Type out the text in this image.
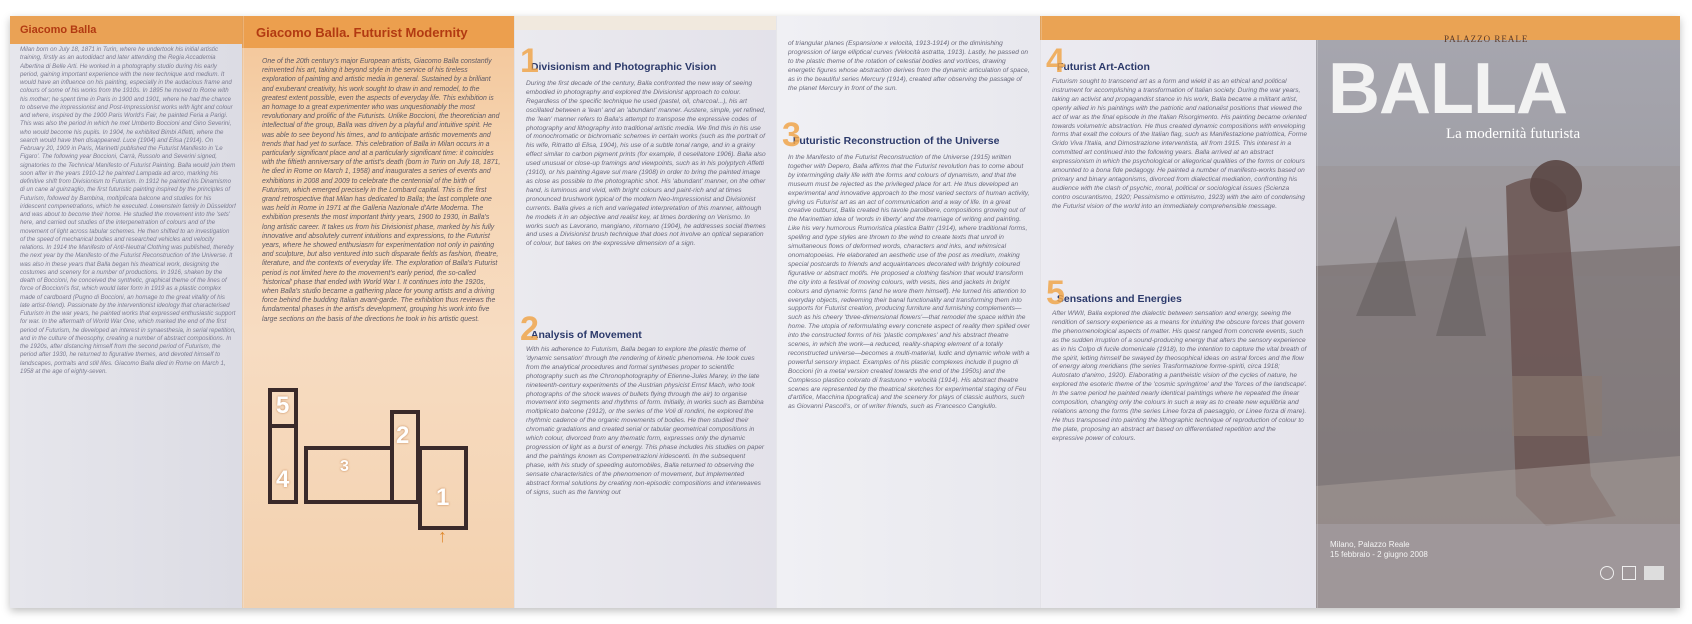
Giacomo Balla
Milan born on July 18, 1871 in Turin, where he undertook his initial artistic training, firstly as an autodidact and later attending the Regia Accademia Albertina di Belle Arti. He worked in a photography studio during his early period, gaining important experience with the new technique and medium. It would have an influence on his painting, especially in the audacious frame and colours of some of his works from the 1910s. In 1895 he moved to Rome with his mother; he spent time in Paris in 1900 and 1901, where he had the chance to observe the impressionist and Post-Impressionist works with light and colour and where, inspired by the 1900 Paris World's Fair, he painted Feria a Parigi. This was also the period in which he met Umberto Boccioni and Gino Severini, who would become his pupils. In 1904, he exhibited Bimbi Affetti, where the search would have then disappeared. Luce (1904) and Elisa (1914). On February 20, 1909 in Paris, Marinetti published the Futurist Manifesto in 'Le Figaro'. The following year Boccioni, Carrà, Russolo and Severini signed, signatories to the Technical Manifesto of Futurist Painting. Balla would join them soon after in the years 1910-12 he painted Lampada ad arco, marking his definitive shift from Divisionism to Futurism. In 1912 he painted his Dinamismo di un cane al guinzaglio, the first futuristic painting inspired by the principles of Futurism, followed by Bambina, moltiplicata balcone and studies for his iridescent compenetrations, which he executed. Lowenstein family in Düsseldorf and was about to become their home. He studied the movement into the 'sets' here, and carried out studies of the interpenetration of colours and of the movement of light across tabular schemes. He then shifted to an investigation of the speed of mechanical bodies and researched vehicles and velocity relations. In 1914 the Manifesto of Anti-Neutral Clothing was published, thereby the next year by the Manifesto of the Futurist Reconstruction of the Universe. It was also in these years that Balla began his theatrical work, designing the costumes and scenery for a number of productions. In 1916, shaken by the death of Boccioni, he conceived the synthetic, graphical theme of the lines of force of Boccioni's fist, which would later form in 1919 as a plastic complex made of cardboard (Pugno di Boccioni, an homage to the great vitality of his late artist-friend). Passionate by the interventionist ideology that characterised Futurism in the war years, he painted works that expressed enthusiastic support for war. In the aftermath of World War One, which marked the end of the first period of Futurism, he developed an interest in synaesthesia, in serial repetition, and in the culture of theosophy, creating a number of abstract compositions. In the 1920s, after distancing himself from the second period of Futurism, the period after 1930, he returned to figurative themes, and devoted himself to landscapes, portraits and still lifes. Giacomo Balla died in Rome on March 1, 1958 at the age of eighty-seven.
Giacomo Balla. Futurist Modernity
One of the 20th century's major European artists, Giacomo Balla constantly reinvented his art, taking it beyond style in the service of his tireless exploration of painting and artistic media in general. Sustained by a brilliant and exuberant creativity, his work sought to draw in and remodel, to the greatest extent possible, even the aspects of everyday life. This exhibition is an homage to a great experimenter who was unquestionably the most revolutionary and prolific of the Futurists. Unlike Boccioni, the theoretician and intellectual of the group, Balla was driven by a playful and intuitive spirit. He was able to see beyond his times, and to anticipate artistic movements and trends that had yet to surface. This celebration of Balla in Milan occurs in a particularly significant place and at a particularly significant time: it coincides with the fiftieth anniversary of the artist's death (born in Turin on July 18, 1871, he died in Rome on March 1, 1958) and inaugurates a series of events and exhibitions in 2008 and 2009 to celebrate the centennial of the birth of Futurism, which emerged precisely in the Lombard capital. This is the first grand retrospective that Milan has dedicated to Balla; the last complete one was held in Rome in 1971 at the Galleria Nazionale d'Arte Moderna. The exhibition presents the most important thirty years, 1900 to 1930, in Balla's long artistic career. It takes us from his Divisionist phase, marked by his fully innovative and absolutely current intuitions and expressions, to the Futurist years, where he showed enthusiasm for experimentation not only in painting and sculpture, but also ventured into such disparate fields as fashion, theatre, literature, and the contexts of everyday life. The exploration of Balla's Futurist period is not limited here to the movement's early period, the so-called 'historical' phase that ended with World War I. It continues into the 1920s, when Balla's studio became a gathering place for young artists and a driving force behind the budding Italian avant-garde. The exhibition thus reviews the fundamental phases in the artist's development, grouping his work into five large sections on the basis of the directions he took in his artistic quest.
5
4	3
2
1
↑
1
Divisionism and Photographic Vision
During the first decade of the century, Balla confronted the new way of seeing embodied in photography and explored the Divisionist approach to colour. Regardless of the specific technique he used (pastel, oil, charcoal...), his art oscillated between a 'lean' and an 'abundant' manner. Austere, simple, yet refined, the 'lean' manner refers to Balla's attempt to transpose the expressive codes of photography and lithography into traditional artistic media. We find this in his use of monochromatic or bichromatic schemes in certain works (such as the portrait of his wife, Ritratto di Elisa, 1904), his use of a subtle tonal range, and in a grainy effect similar to carbon pigment prints (for example, Il cesellatore 1906). Balla also used unusual or close-up framings and viewpoints, such as in his polyptych Affetti (1910), or his painting Agave sul mare (1908) in order to bring the painted image as close as possible to the photographic shot. His 'abundant' manner, on the other hand, is luminous and vivid, with bright colours and paint-rich and at times pronounced brushwork typical of the modern Neo-Impressionist and Divisionist currents. Balla gives a rich and variegated interpretation of this manner, although he models it in an objective and realist key, at times bordering on Verismo. In works such as Lavorano, mangiano, ritornano (1904), he addresses social themes and uses a Divisionist brush technique that does not involve an optical separation of colour, but takes on the expressive dimension of a sign.
2
Analysis of Movement
With his adherence to Futurism, Balla began to explore the plastic theme of 'dynamic sensation' through the rendering of kinetic phenomena. He took cues from the analytical procedures and formal syntheses proper to scientific photography such as the Chronophotography of Etienne-Jules Marey, in the late nineteenth-century experiments of the Austrian physicist Ernst Mach, who took photographs of the shock waves of bullets flying through the air) to organise movement into segments and rhythms of form. Initially, in works such as Bambina moltiplicato balcone (1912), or the series of the Voli di rondini, he explored the rhythmic cadence of the organic movements of bodies. He then studied their chromatic gradations and created serial or tabular geometrical compositions in which colour, divorced from any thematic form, expresses only the dynamic progression of light as a burst of energy. This phase includes his studies on paper and the paintings known as Compenetrazioni iridescenti. In the subsequent phase, with his study of speeding automobiles, Balla returned to observing the sensate characteristics of the phenomenon of movement, but implemented abstract formal solutions by creating non-episodic compositions and interweaves of signs, such as the fanning out
of triangular planes (Espansione x velocità, 1913-1914) or the diminishing progression of large elliptical curves (Velocità astratta, 1913). Lastly, he passed on to the plastic theme of the rotation of celestial bodies and vortices, drawing energetic figures whose abstraction derives from the dynamic articulation of space, as in the beautiful series Mercury (1914), created after observing the passage of the planet Mercury in front of the sun.
3
Futuristic Reconstruction of the Universe
In the Manifesto of the Futurist Reconstruction of the Universe (1915) written together with Depero, Balla affirms that the Futurist revolution has to come about by intermingling daily life with the forms and colours of dynamism, and that the museum must be rejected as the privileged place for art. He thus developed an experimental and innovative approach to the most varied sectors of human activity, giving us Futurist art as an act of communication and a way of life. In a great creative outburst, Balla created his tavole parolibere, compositions growing out of the Marinettian idea of 'words in liberty' and the marriage of writing and painting. Like his very humorous Rumoristica plastica Baltrr (1914), where traditional forms, spelling and type styles are thrown to the wind to create texts that unroll in simultaneous flows of deformed words, characters and inks, and whimsical onomatopoeias. He elaborated an aesthetic use of the post as medium, making special postcards to friends and acquaintances decorated with brightly coloured figurative or abstract motifs. He proposed a clothing fashion that would transform the city into a festival of moving colours, with vests, ties and jackets in bright colours and dynamic forms (and he wore them himself). He turned his attention to everyday objects, redeeming their banal functionality and transforming them into supports for Futurist creation, producing furniture and furnishing complements—such as his cheery 'three-dimensional flowers'—that remodel the space within the home. The utopia of reformulating every concrete aspect of reality then spilled over into the constructed forms of his 'plastic complexes' and his abstract theatre scenes, in which the work—a reduced, reality-shaping element of a totally reconstructed universe—becomes a multi-material, ludic and dynamic whole with a powerful sensory impact. Examples of his plastic complexes include Il pugno di Boccioni (in a metal version created towards the end of the 1950s) and the Complesso plastico colorato di frastuono + velocità (1914). His abstract theatre scenes are represented by the theatrical sketches for experimental staging of Feu d'artifice, Macchina tipografica) and the scenery for plays of classic authors, such as Giovanni Pascoli's, or of writer friends, such as Francesco Cangiullo.
4
Futurist Art-Action
Futurism sought to transcend art as a form and wield it as an ethical and political instrument for accomplishing a transformation of Italian society. During the war years, taking an activist and propagandist stance in his work, Balla became a militant artist, openly allied in his paintings with the patriotic and nationalist positions that viewed the act of war as the final episode in the Italian Risorgimento. His painting became oriented towards volumetric abstraction. He thus created dynamic compositions with enveloping forms that exalt the colours of the Italian flag, such as Manifestazione patriottica, Forme Grido Viva l'Italia, and Dimostrazione interventista, all from 1915. This interest in a committed art continued into the following years. Balla arrived at an abstract expressionism in which the psychological or allegorical qualities of the forms or colours amounted to a bona fide pedagogy. He painted a number of manifesto-works based on primary and binary antagonisms, divorced from dialectical mediation, confronting his audience with the clash of psychic, moral, political or sociological issues (Scienza contro oscurantismo, 1920; Pessimismo e ottimismo, 1923) with the aim of condensing the Futurist vision of the world into an immediately comprehensible message.
5
Sensations and Energies
After WWII, Balla explored the dialectic between sensation and energy, seeing the rendition of sensory experience as a means for intuiting the obscure forces that govern the phenomenological aspects of matter. His quest ranged from concrete events, such as the sudden irruption of a sound-producing energy that alters the sensory experience as in his Colpo di fucile domenicale (1918), to the intention to capture the vital breath of the spirit, letting himself be swayed by theosophical ideas on astral forces and the flow of energy along meridians (the series Trasformazione forme-spiriti, circa 1918; Autostato d'animo, 1920). Elaborating a pantheistic vision of the cycles of nature, he explored the esoteric theme of the 'cosmic springtime' and the 'forces of the landscape'. In the same period he painted nearly identical paintings where he repeated the linear composition, changing only the colours in such a way as to create new equilibria and relations among the forms (the series Linee forza di paesaggio, or Linee forza di mare). He thus transposed into painting the lithographic technique of reproduction of colour to the plate, proposing an abstract art based on differentiated repetition and the expressive power of colours.
PALAZZO REALE
BALLA
La modernità futurista
Milano, Palazzo Reale
15 febbraio - 2 giugno 2008
